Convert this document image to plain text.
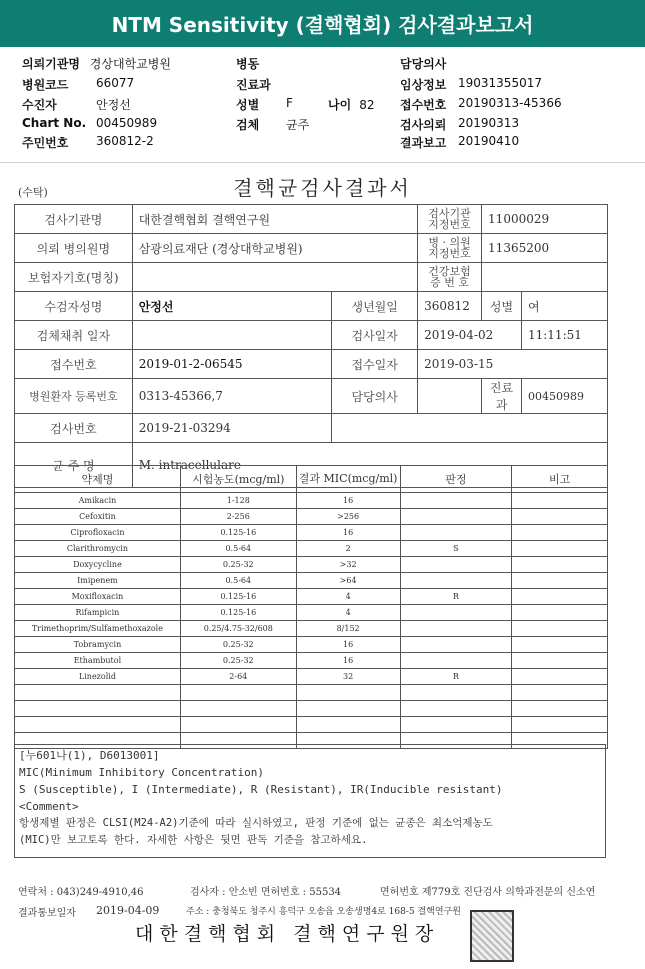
NTM Sensitivity (결핵협회) 검사결과보고서
의뢰기관명 경상대학교병원
병원코드 66077
수진자	안정선
Chart No. 00450989
주민번호 360812-2
병동
진료과
성별 F	나이 82
검체 균주
담당의사
임상정보 19031355017
접수번호 20190313-45366
검사의뢰 20190313
결과보고 20190410
(수탁)	결핵균검사결과서
검사기관명	대한결핵협회 결핵연구원		검사기관 지정번호	11000029	
의뢰 병의원명	삼광의료재단 (경상대학교병원)		병 · 의원 지정번호	11365200	
보험자기호(명칭)			건강보험 증 번 호		
수검자성명	안정선	생년월일	360812	성별	여
검체채취 일자		검사일자	2019-04-02		11:11:51
접수번호	2019-01-2-06545	접수일자	2019-03-15		
병원환자 등록번호	0313-45366,7	담당의사		진료과	00450989
검사번호	2019-21-03294				
균 주 명	M. intracellulare				
약제명	시험농도(mcg/ml)	결과 MIC(mcg/ml)	판정	비고
Amikacin	1-128	16		
Cefoxitin	2-256	>256		
Ciprofloxacin	0.125-16	16		
Clarithromycin	0.5-64	2	S	
Doxycycline	0.25-32	>32		
Imipenem	0.5-64	>64		
Moxifloxacin	0.125-16	4	R	
Rifampicin	0.125-16	4		
Trimethoprim/Sulfamethoxazole	0.25/4.75-32/608	8/152		
Tobramycin	0.25-32	16		
Ethambutol	0.25-32	16		
Linezolid	2-64	32	R	

[누601나(1), D6013001]
MIC(Minimum Inhibitory Concentration)
S (Susceptible), I (Intermediate), R (Resistant), IR(Inducible resistant)
<Comment>
항생제별 판정은 CLSI(M24-A2)기준에 따라 실시하였고, 판정 기준에 없는 균종은 최소억제농도
(MIC)만 보고토록 한다. 자세한 사항은 뒷면 판독 기준을 참고하세요.
연락처 : 043)249-4910,46	검사자 : 안소빈 면허번호 : 55534	면허번호 제779호 진단검사 의학과전문의 신소연
결과통보일자 2019-04-09	주소 : 충청북도 청주시 흥덕구 오송읍 오송생명4로 168-5 결핵연구원
대한결핵협회 결핵연구원장
